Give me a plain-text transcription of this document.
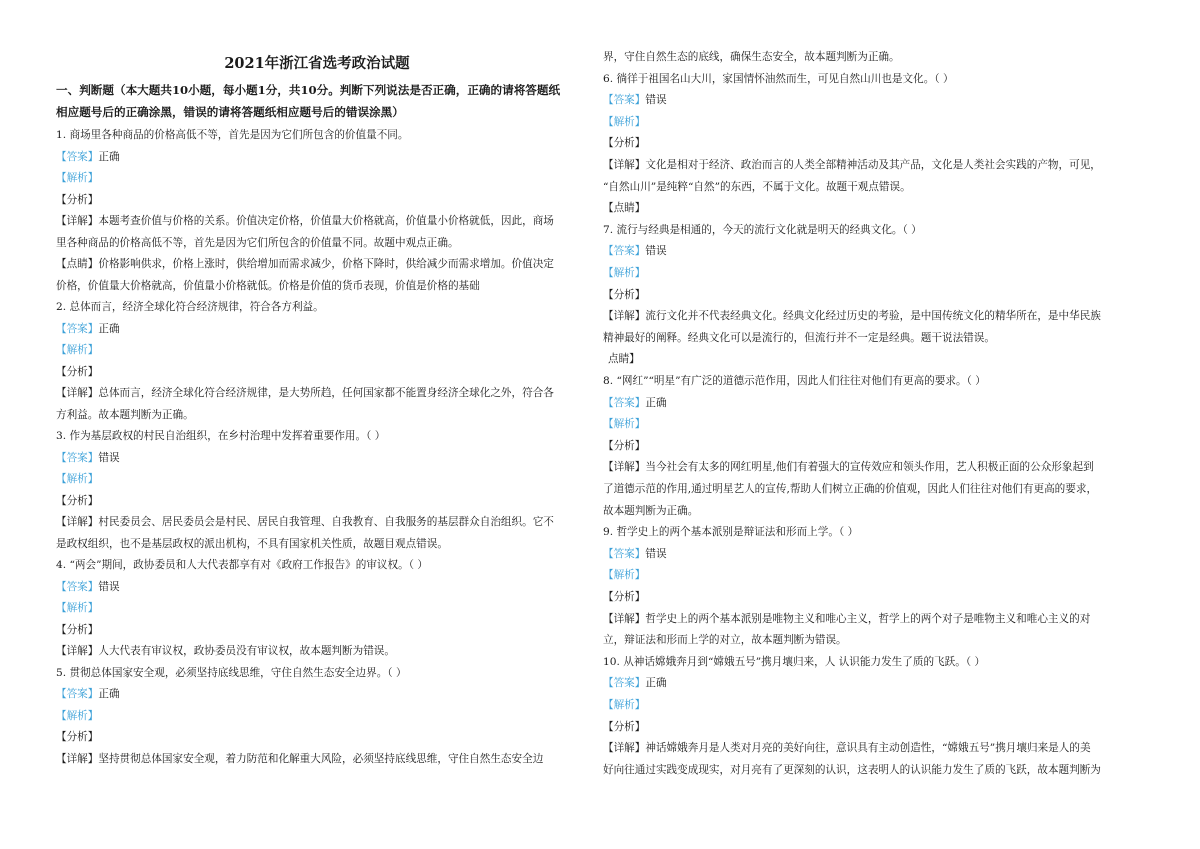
2021年浙江省选考政治试题
一、判断题（本大题共10小题，每小题1分，共10分。判断下列说法是否正确，正确的请将答题纸
相应题号后的正确涂黑，错误的请将答题纸相应题号后的错误涂黑）
1. 商场里各种商品的价格高低不等，首先是因为它们所包含的价值量不同。
【答案】正确
【解析】
【分析】
【详解】本题考查价值与价格的关系。价值决定价格，价值量大价格就高，价值量小价格就低，因此，商场
里各种商品的价格高低不等，首先是因为它们所包含的价值量不同。故题中观点正确。
【点睛】价格影响供求，价格上涨时，供给增加而需求减少，价格下降时，供给减少而需求增加。价值决定
价格，价值量大价格就高，价值量小价格就低。价格是价值的货币表现，价值是价格的基础
2. 总体而言，经济全球化符合经济规律，符合各方利益。
【答案】正确
【解析】
【分析】
【详解】总体而言，经济全球化符合经济规律，是大势所趋，任何国家都不能置身经济全球化之外，符合各
方利益。故本题判断为正确。
3. 作为基层政权的村民自治组织，在乡村治理中发挥着重要作用。（ ）
【答案】错误
【解析】
【分析】
【详解】村民委员会、居民委员会是村民、居民自我管理、自我教育、自我服务的基层群众自治组织。它不
是政权组织，也不是基层政权的派出机构，不具有国家机关性质，故题目观点错误。
4. “两会”期间，政协委员和人大代表都享有对《政府工作报告》的审议权。（ ）
【答案】错误
【解析】
【分析】
【详解】人大代表有审议权，政协委员没有审议权，故本题判断为错误。
5. 贯彻总体国家安全观，必须坚持底线思维，守住自然生态安全边界。（ ）
【答案】正确
【解析】
【分析】
【详解】坚持贯彻总体国家安全观，着力防范和化解重大风险，必须坚持底线思维，守住自然生态安全边
界，守住自然生态的底线，确保生态安全，故本题判断为正确。
6. 徜徉于祖国名山大川，家国情怀油然而生，可见自然山川也是文化。（ ）
【答案】错误
【解析】
【分析】
【详解】文化是相对于经济、政治而言的人类全部精神活动及其产品，文化是人类社会实践的产物，可见，
“自然山川”是纯粹“自然”的东西，不属于文化。故题干观点错误。
【点睛】
7. 流行与经典是相通的，今天的流行文化就是明天的经典文化。（ ）
【答案】错误
【解析】
【分析】
【详解】流行文化并不代表经典文化。经典文化经过历史的考验，是中国传统文化的精华所在，是中华民族
精神最好的阐释。经典文化可以是流行的，但流行并不一定是经典。题干说法错误。
点睛】
8. “网红”“明星”有广泛的道德示范作用，因此人们往往对他们有更高的要求。（ ）
【答案】正确
【解析】
【分析】
【详解】当今社会有太多的网红明星,他们有着强大的宣传效应和领头作用，艺人积极正面的公众形象起到
了道德示范的作用,通过明星艺人的宣传,帮助人们树立正确的价值观，因此人们往往对他们有更高的要求，
故本题判断为正确。
9. 哲学史上的两个基本派别是辩证法和形而上学。（ ）
【答案】错误
【解析】
【分析】
【详解】哲学史上的两个基本派别是唯物主义和唯心主义，哲学上的两个对子是唯物主义和唯心主义的对
立，辩证法和形而上学的对立，故本题判断为错误。
10. 从神话嫦娥奔月到“嫦娥五号”携月壤归来，人 认识能力发生了质的飞跃。（ ）
【答案】正确
【解析】
【分析】
【详解】神话嫦娥奔月是人类对月亮的美好向往，意识具有主动创造性，“嫦娥五号”携月壤归来是人的美
好向往通过实践变成现实，对月亮有了更深刻的认识，这表明人的认识能力发生了质的飞跃，故本题判断为
